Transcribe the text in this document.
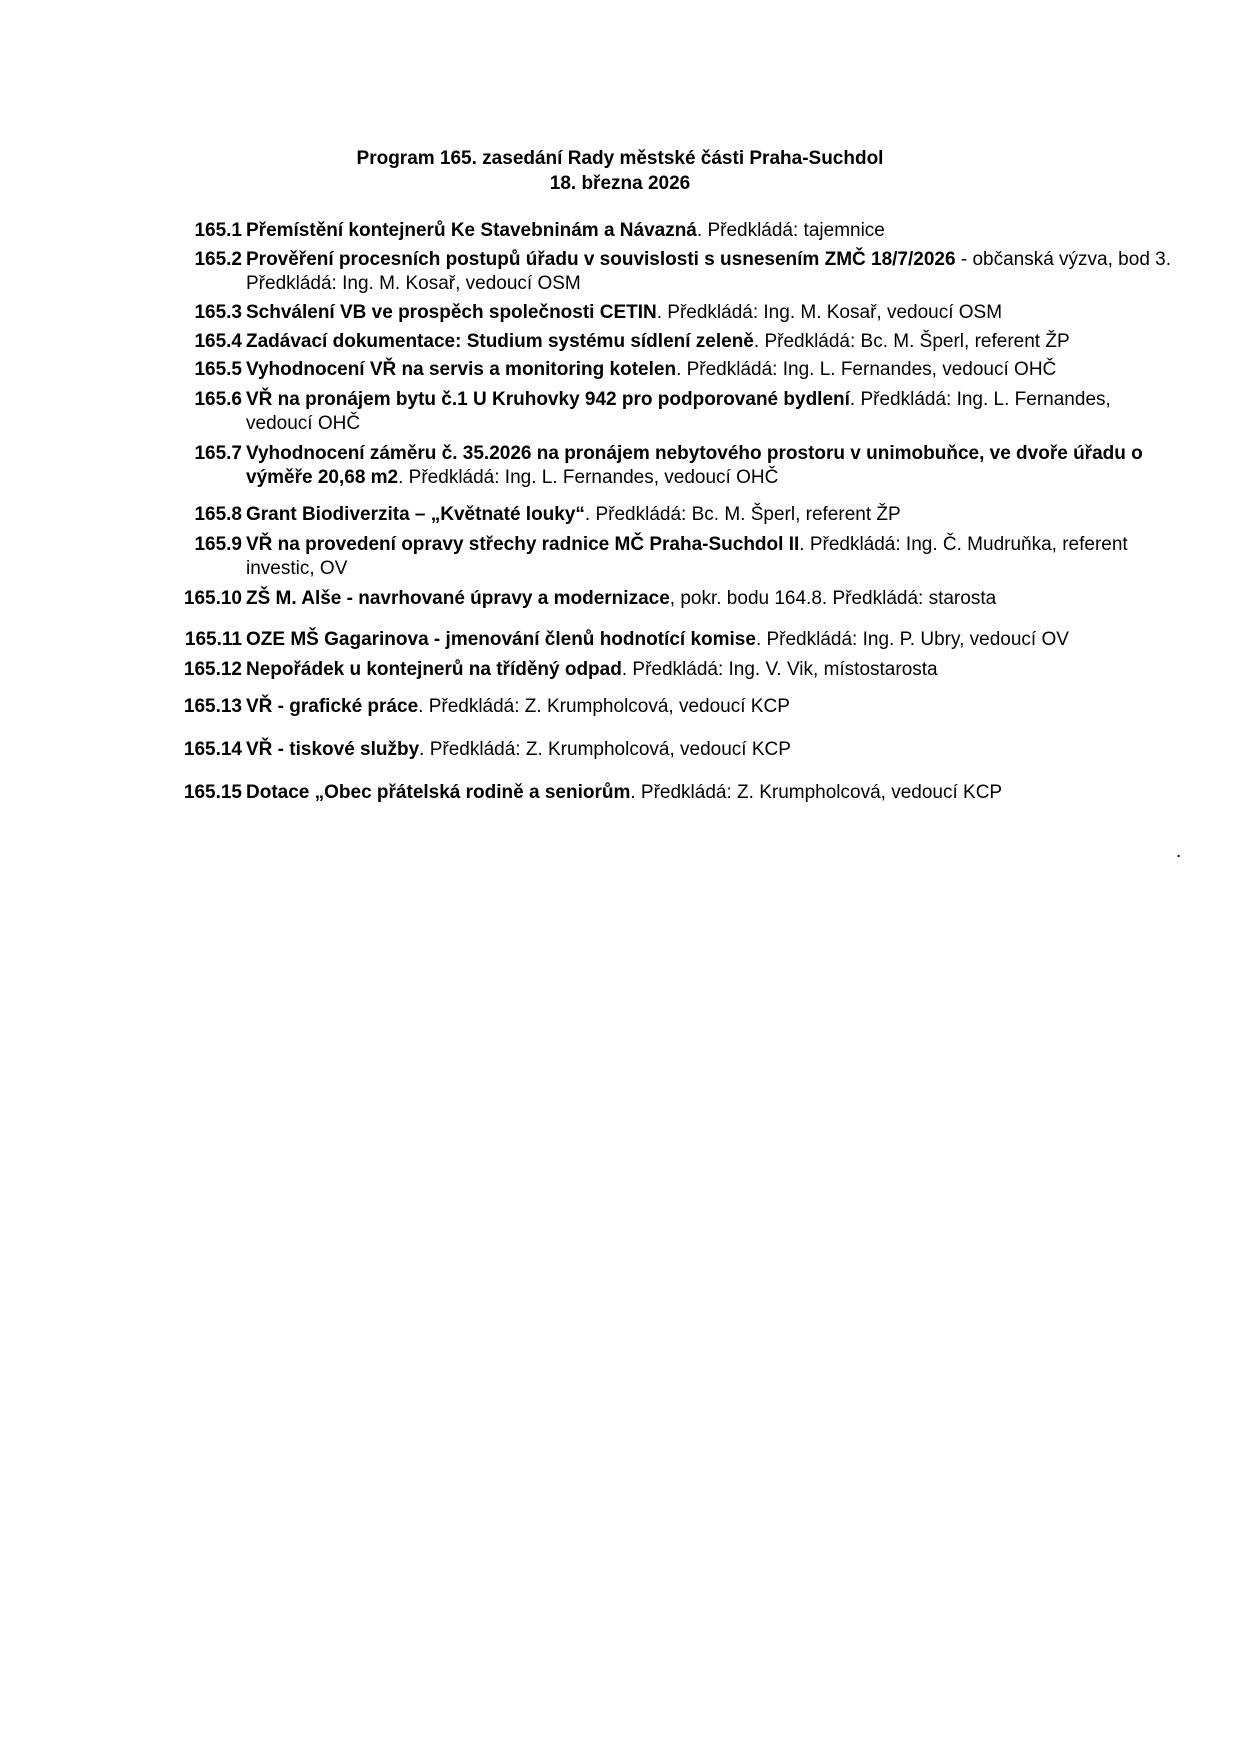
Program 165. zasedání Rady městské části Praha-Suchdol
18. března 2026
165.1 Přemístění kontejnerů Ke Stavebninám a Návazná. Předkládá: tajemnice
165.2 Prověření procesních postupů úřadu v souvislosti s usnesením ZMČ 18/7/2026 - občanská výzva, bod 3. Předkládá: Ing. M. Kosař, vedoucí OSM
165.3 Schválení VB ve prospěch společnosti CETIN. Předkládá: Ing. M. Kosař, vedoucí OSM
165.4 Zadávací dokumentace: Studium systému sídlení zeleně. Předkládá: Bc. M. Šperl, referent ŽP
165.5 Vyhodnocení VŘ na servis a monitoring kotelen. Předkládá: Ing. L. Fernandes, vedoucí OHČ
165.6 VŘ na pronájem bytu č.1 U Kruhovky 942 pro podporované bydlení. Předkládá: Ing. L. Fernandes, vedoucí OHČ
165.7 Vyhodnocení záměru č. 35.2026 na pronájem nebytového prostoru v unimobuňce, ve dvoře úřadu o výměře 20,68 m2. Předkládá: Ing. L. Fernandes, vedoucí OHČ
165.8 Grant Biodiverzita – „Květnaté louky“. Předkládá: Bc. M. Šperl, referent ŽP
165.9 VŘ na provedení opravy střechy radnice MČ Praha-Suchdol II. Předkládá: Ing. Č. Mudruňka, referent investic, OV
165.10 ZŠ M. Alše - navrhované úpravy a modernizace, pokr. bodu 164.8. Předkládá: starosta
165.11 OZE MŠ Gagarinova - jmenování členů hodnotící komise. Předkládá: Ing. P. Ubry, vedoucí OV
165.12 Nepořádek u kontejnerů na tříděný odpad. Předkládá: Ing. V. Vik, místostarosta
165.13 VŘ - grafické práce. Předkládá: Z. Krumpholcová, vedoucí KCP
165.14 VŘ - tiskové služby. Předkládá: Z. Krumpholcová, vedoucí KCP
165.15 Dotace „Obec přátelská rodině a seniorům. Předkládá: Z. Krumpholcová, vedoucí KCP
.
